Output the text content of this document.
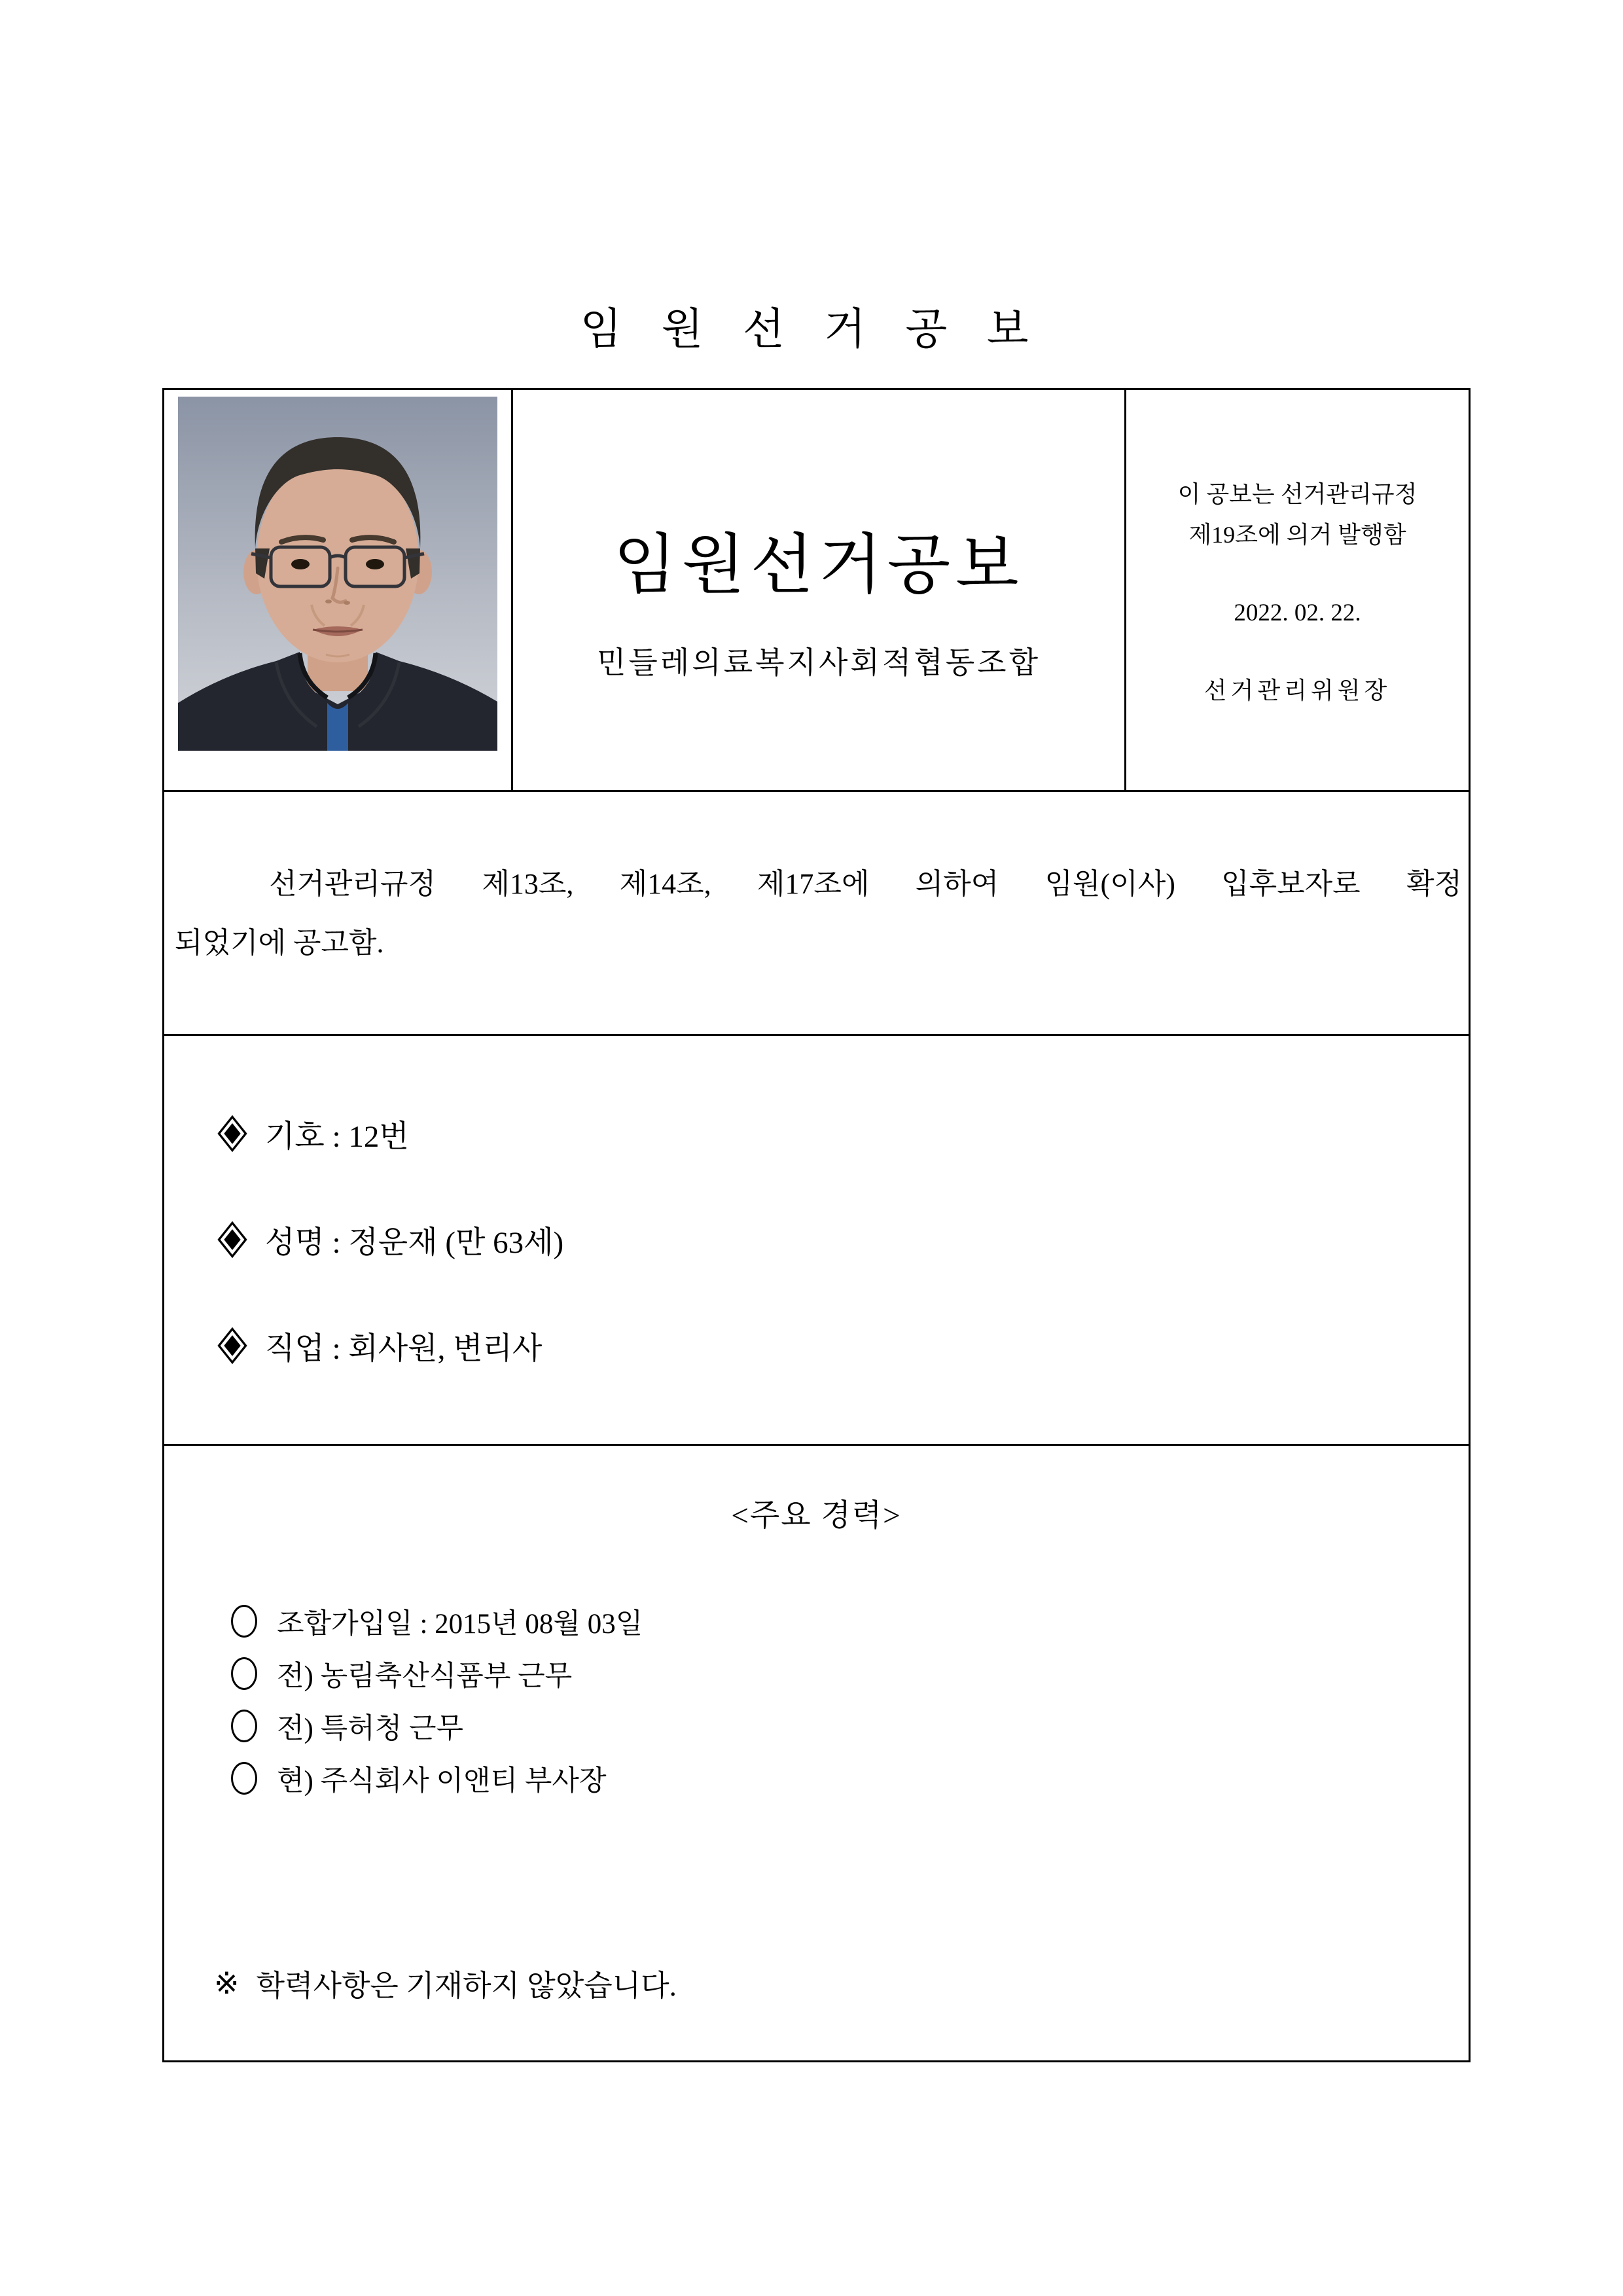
임 원 선 거 공 보

임원선거공보
민들레의료복지사회적협동조합

이 공보는 선거관리규정
제19조에 의거 발행함
2022. 02. 22.
선거관리위원장

선거관리규정 제13조, 제14조, 제17조에 의하여 임원(이사) 입후보자로 확정
되었기에 공고함.

기호 : 12번
성명 : 정운재 (만 63세)
직업 : 회사원, 변리사

<주요 경력>
조합가입일 : 2015년 08월 03일
전) 농림축산식품부 근무
전) 특허청 근무
현) 주식회사 이앤티 부사장
※ 학력사항은 기재하지 않았습니다.
